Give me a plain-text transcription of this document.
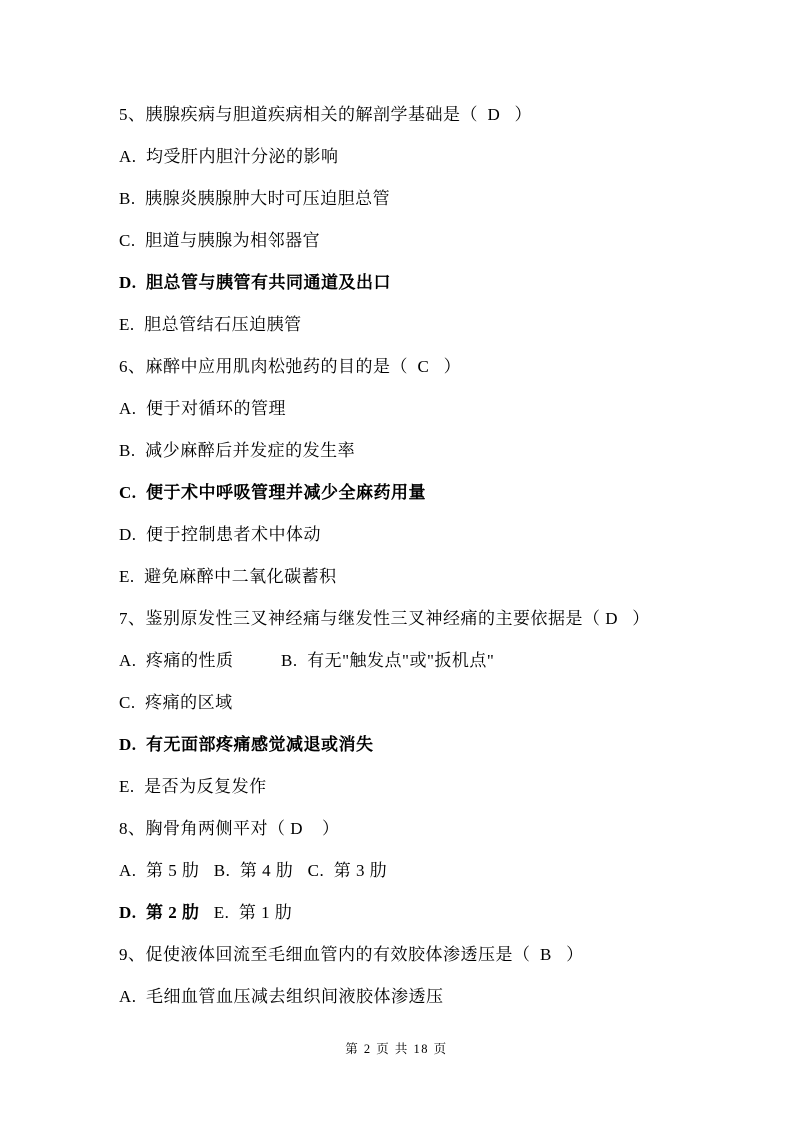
5、胰腺疾病与胆道疾病相关的解剖学基础是（  D   ）

A.  均受肝内胆汁分泌的影响

B.  胰腺炎胰腺肿大时可压迫胆总管

C.  胆道与胰腺为相邻器官

D.  胆总管与胰管有共同通道及出口

E.  胆总管结石压迫胰管

6、麻醉中应用肌肉松弛药的目的是（  C   ）

A.  便于对循环的管理

B.  减少麻醉后并发症的发生率

C.  便于术中呼吸管理并减少全麻药用量

D.  便于控制患者术中体动

E.  避免麻醉中二氧化碳蓄积

7、鉴别原发性三叉神经痛与继发性三叉神经痛的主要依据是（ D   ）

A.  疼痛的性质          B.  有无"触发点"或"扳机点"

C.  疼痛的区域

D.  有无面部疼痛感觉减退或消失

E.  是否为反复发作

8、胸骨角两侧平对（ D    ）

A.  第 5 肋   B.  第 4 肋   C.  第 3 肋

D.  第 2 肋   E.  第 1 肋

9、促使液体回流至毛细血管内的有效胶体渗透压是（  B   ）

A.  毛细血管血压减去组织间液胶体渗透压

第 2 页 共 18 页
